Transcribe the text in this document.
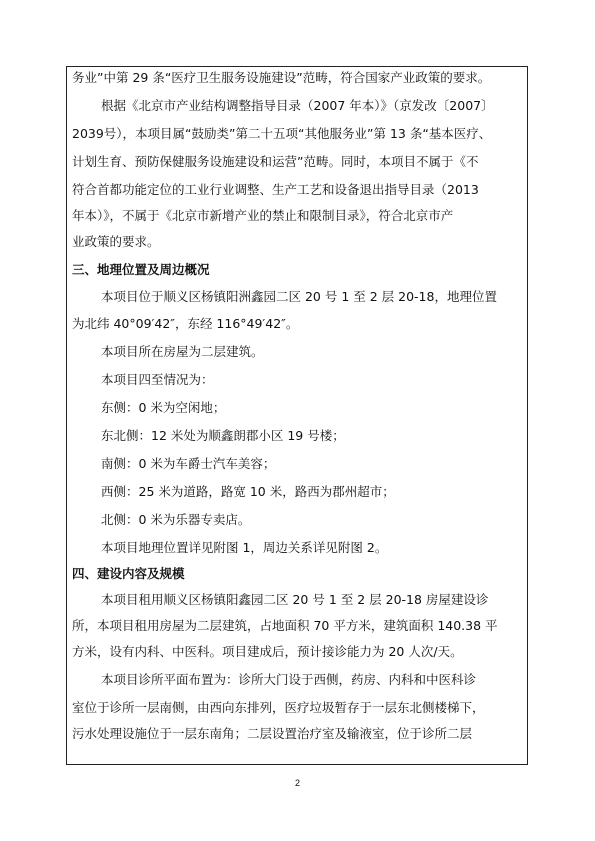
务业”中第 29 条“医疗卫生服务设施建设”范畴，符合国家产业政策的要求。
根据《北京市产业结构调整指导目录（2007 年本）》（京发改〔2007〕
2039号），本项目属“鼓励类”第二十五项“其他服务业”第 13 条“基本医疗、
计划生育、预防保健服务设施建设和运营”范畴。同时，本项目不属于《不
符合首都功能定位的工业行业调整、生产工艺和设备退出指导目录（2013
年本）》，不属于《北京市新增产业的禁止和限制目录》，符合北京市产
业政策的要求。
三、地理位置及周边概况
本项目位于顺义区杨镇阳洲鑫园二区 20 号 1 至 2 层 20-18，地理位置
为北纬 40°09′42″，东经 116°49′42″。
本项目所在房屋为二层建筑。
本项目四至情况为：
东侧：0 米为空闲地；
东北侧：12 米处为顺鑫朗郡小区 19 号楼；
南侧：0 米为车爵士汽车美容；
西侧：25 米为道路，路宽 10 米，路西为郡州超市；
北侧：0 米为乐器专卖店。
本项目地理位置详见附图 1，周边关系详见附图 2。
四、建设内容及规模
本项目租用顺义区杨镇阳鑫园二区 20 号 1 至 2 层 20-18 房屋建设诊
所，本项目租用房屋为二层建筑，占地面积 70 平方米，建筑面积 140.38 平
方米，设有内科、中医科。项目建成后，预计接诊能力为 20 人次/天。
本项目诊所平面布置为：诊所大门设于西侧，药房、内科和中医科诊
室位于诊所一层南侧，由西向东排列，医疗垃圾暂存于一层东北侧楼梯下，
污水处理设施位于一层东南角；二层设置治疗室及输液室，位于诊所二层
2
